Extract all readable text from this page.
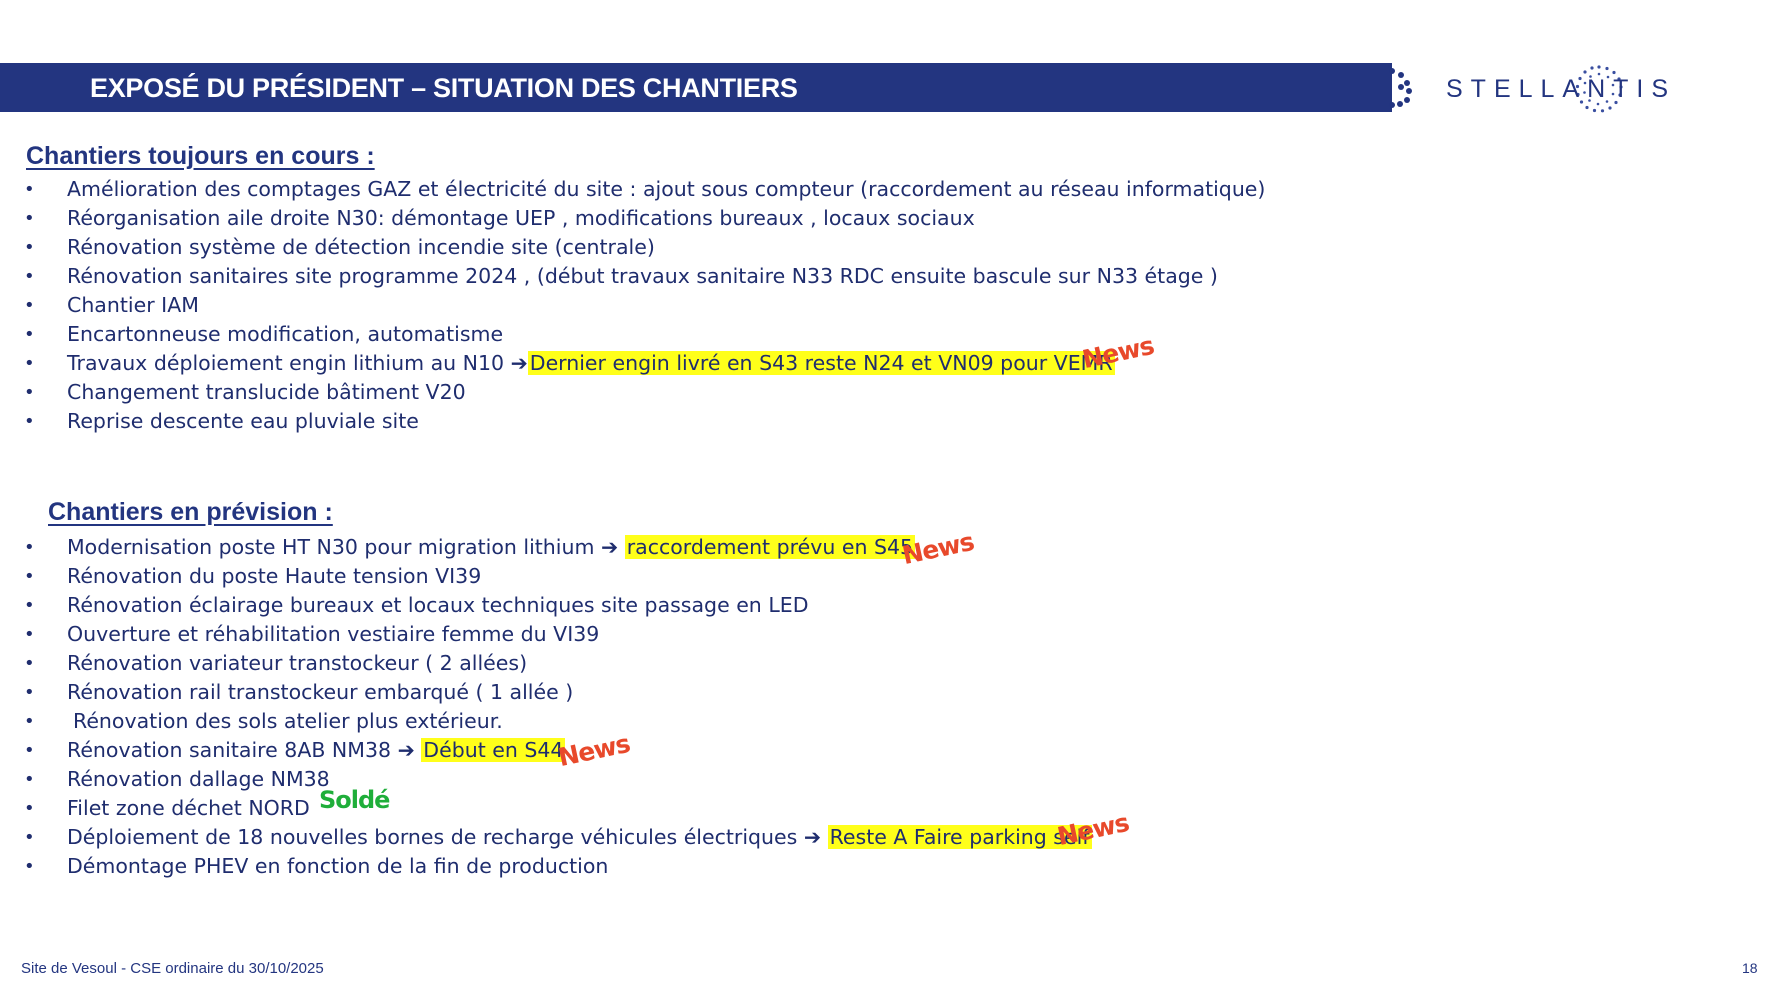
EXPOSÉ DU PRÉSIDENT – SITUATION DES CHANTIERS	STELLANTIS
Chantiers toujours en cours :
• Amélioration des comptages GAZ et électricité du site : ajout sous compteur (raccordement au réseau informatique)
• Réorganisation aile droite N30: démontage UEP , modifications bureaux , locaux sociaux
• Rénovation système de détection incendie site (centrale)
• Rénovation sanitaires site programme 2024 , (début travaux sanitaire N33 RDC ensuite bascule sur N33 étage )
• Chantier IAM
• Encartonneuse modification, automatisme
• Travaux déploiement engin lithium au N10 ➔Dernier engin livré en S43 reste N24 et VN09 pour VEMR
• Changement translucide bâtiment V20
• Reprise descente eau pluviale site
News
Chantiers en prévision :
• Modernisation poste HT N30 pour migration lithium ➔ raccordement prévu en S45
• Rénovation du poste Haute tension VI39
• Rénovation éclairage bureaux et locaux techniques site passage en LED
• Ouverture et réhabilitation vestiaire femme du VI39
• Rénovation variateur transtockeur ( 2 allées)
• Rénovation rail transtockeur embarqué ( 1 allée )
• Rénovation des sols atelier plus extérieur.
• Rénovation sanitaire 8AB NM38 ➔ Début en S44
• Rénovation dallage NM38
• Filet zone déchet NORD
• Déploiement de 18 nouvelles bornes de recharge véhicules électriques ➔ Reste A Faire parking self
• Démontage PHEV en fonction de la fin de production
News
News
Soldé
News
Site de Vesoul - CSE ordinaire du 30/10/2025	18
